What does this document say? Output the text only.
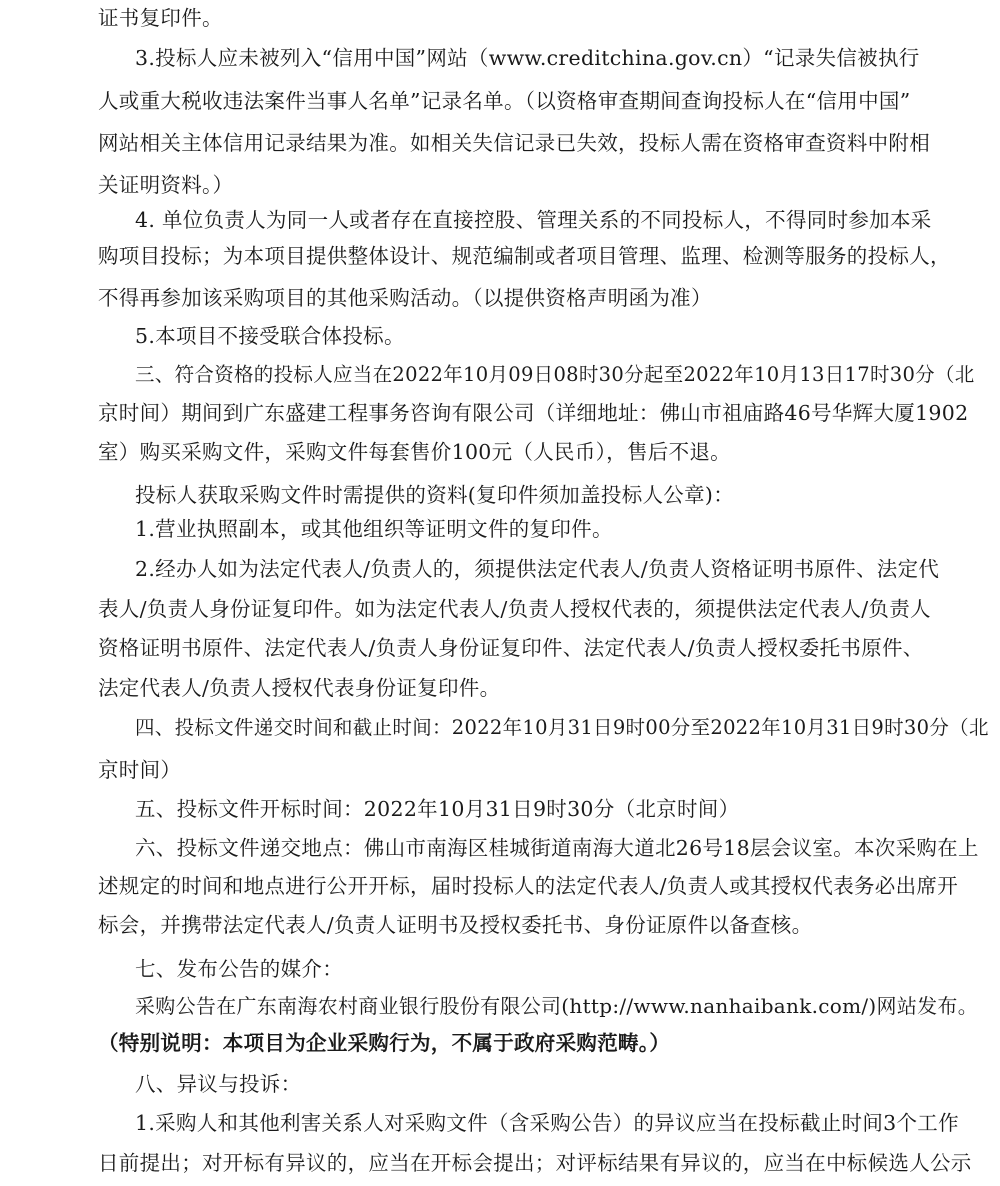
证书复印件。
3.投标人应未被列入“信用中国”网站（www.creditchina.gov.cn）“记录失信被执行
人或重大税收违法案件当事人名单”记录名单。（以资格审查期间查询投标人在“信用中国”
网站相关主体信用记录结果为准。如相关失信记录已失效，投标人需在资格审查资料中附相
关证明资料。）
4. 单位负责人为同一人或者存在直接控股、管理关系的不同投标人，不得同时参加本采
购项目投标；为本项目提供整体设计、规范编制或者项目管理、监理、检测等服务的投标人，
不得再参加该采购项目的其他采购活动。（以提供资格声明函为准）
5.本项目不接受联合体投标。
三、符合资格的投标人应当在2022年10月09日08时30分起至2022年10月13日17时30分（北
京时间）期间到广东盛建工程事务咨询有限公司（详细地址：佛山市祖庙路46号华辉大厦1902
室）购买采购文件，采购文件每套售价100元（人民币），售后不退。
投标人获取采购文件时需提供的资料(复印件须加盖投标人公章)：
1.营业执照副本，或其他组织等证明文件的复印件。
2.经办人如为法定代表人/负责人的，须提供法定代表人/负责人资格证明书原件、法定代
表人/负责人身份证复印件。如为法定代表人/负责人授权代表的，须提供法定代表人/负责人
资格证明书原件、法定代表人/负责人身份证复印件、法定代表人/负责人授权委托书原件、
法定代表人/负责人授权代表身份证复印件。
四、投标文件递交时间和截止时间：2022年10月31日9时00分至2022年10月31日9时30分（北
京时间）
五、投标文件开标时间：2022年10月31日9时30分（北京时间）
六、投标文件递交地点：佛山市南海区桂城街道南海大道北26号18层会议室。本次采购在上
述规定的时间和地点进行公开开标，届时投标人的法定代表人/负责人或其授权代表务必出席开
标会，并携带法定代表人/负责人证明书及授权委托书、身份证原件以备查核。
七、发布公告的媒介：
采购公告在广东南海农村商业银行股份有限公司(http://www.nanhaibank.com/)网站发布。
（特别说明：本项目为企业采购行为，不属于政府采购范畴。）
八、异议与投诉：
1.采购人和其他利害关系人对采购文件（含采购公告）的异议应当在投标截止时间3个工作
日前提出；对开标有异议的，应当在开标会提出；对评标结果有异议的，应当在中标候选人公示
